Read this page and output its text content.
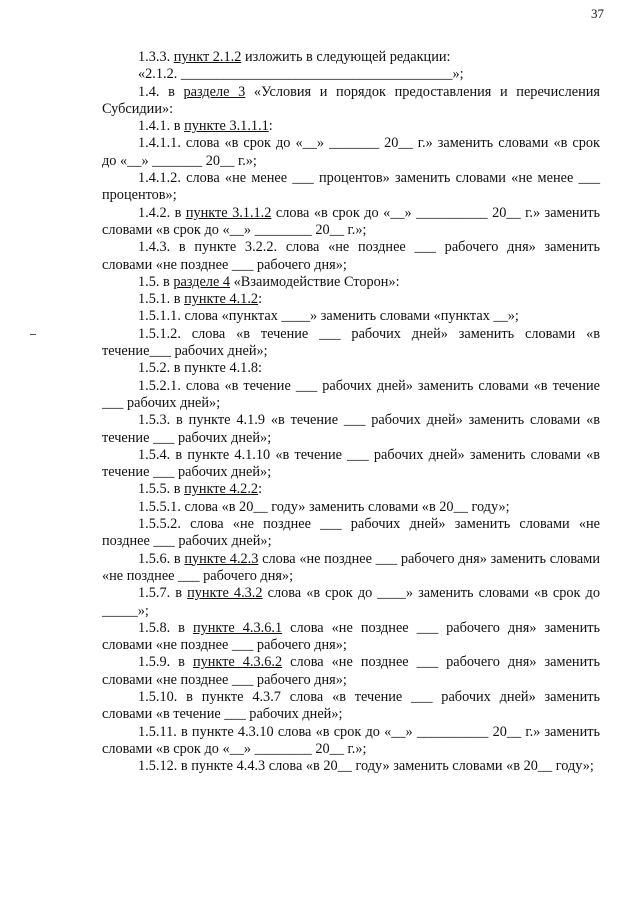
37

1.3.3. пункт 2.1.2 изложить в следующей редакции:

«2.1.2. ______________________________________»;

1.4. в разделе 3 «Условия и порядок предоставления и перечисления Субсидии»:

1.4.1. в пункте 3.1.1.1:

1.4.1.1. слова «в срок до «__» _______ 20__ г.» заменить словами «в срок до «__» _______ 20__ г.»;

1.4.1.2. слова «не менее ___ процентов» заменить словами «не менее ___ процентов»;

1.4.2. в пункте 3.1.1.2 слова «в срок до «__» __________ 20__ г.» заменить словами «в срок до «__» ________ 20__ г.»;

1.4.3. в пункте 3.2.2. слова «не позднее ___ рабочего дня» заменить словами «не позднее ___ рабочего дня»;

1.5. в разделе 4 «Взаимодействие Сторон»:

1.5.1. в пункте 4.1.2:

1.5.1.1. слова «пунктах ____» заменить словами «пунктах __»;

1.5.1.2. слова «в течение ___ рабочих дней» заменить словами «в течение___ рабочих дней»;

1.5.2. в пункте 4.1.8:

1.5.2.1. слова «в течение ___ рабочих дней» заменить словами «в течение ___ рабочих дней»;

1.5.3. в пункте 4.1.9 «в течение ___ рабочих дней» заменить словами «в течение ___ рабочих дней»;

1.5.4. в пункте 4.1.10 «в течение ___ рабочих дней» заменить словами «в течение ___ рабочих дней»;

1.5.5. в пункте 4.2.2:

1.5.5.1. слова «в 20__ году» заменить словами «в 20__ году»;

1.5.5.2. слова «не позднее ___ рабочих дней» заменить словами «не позднее ___ рабочих дней»;

1.5.6. в пункте 4.2.3 слова «не позднее ___ рабочего дня» заменить словами «не позднее ___ рабочего дня»;

1.5.7. в пункте 4.3.2 слова «в срок до ____» заменить словами «в срок до _____»;

1.5.8. в пункте 4.3.6.1 слова «не позднее ___ рабочего дня» заменить словами «не позднее ___ рабочего дня»;

1.5.9. в пункте 4.3.6.2 слова «не позднее ___ рабочего дня» заменить словами «не позднее ___ рабочего дня»;

1.5.10. в пункте 4.3.7 слова «в течение ___ рабочих дней» заменить словами «в течение ___ рабочих дней»;

1.5.11. в пункте 4.3.10 слова «в срок до «__» __________ 20__ г.» заменить словами «в срок до «__» ________ 20__ г.»;

1.5.12. в пункте 4.4.3 слова «в 20__ году» заменить словами «в 20__ году»;
